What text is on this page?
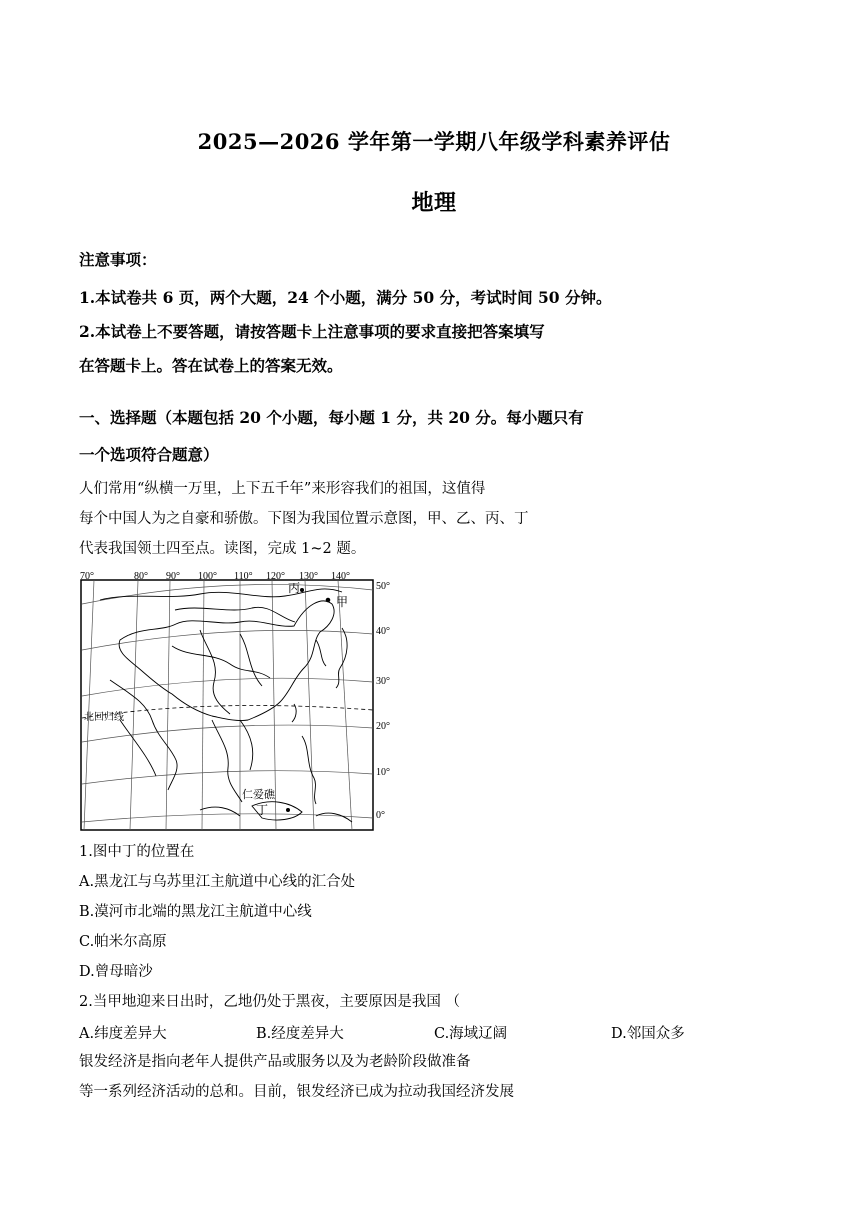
2025—2026 学年第一学期八年级学科素养评估
地理
注意事项：
1.本试卷共 6 页，两个大题，24 个小题，满分 50 分，考试时间 50 分钟。
2.本试卷上不要答题，请按答题卡上注意事项的要求直接把答案填写
在答题卡上。答在试卷上的答案无效。
一、选择题（本题包括 20 个小题，每小题 1 分，共 20 分。每小题只有
一个选项符合题意）
人们常用“纵横一万里，上下五千年”来形容我们的祖国，这值得
每个中国人为之自豪和骄傲。下图为我国位置示意图，甲、乙、丙、丁
代表我国领土四至点。读图，完成 1~2 题。
70°	80° 90° 100° 110° 120° 130° 140°
50°
40°
30°
20°
10°
0°
丙
甲
北回归线
仁爱礁
丁
1.图中丁的位置在
A.黑龙江与乌苏里江主航道中心线的汇合处
B.漠河市北端的黑龙江主航道中心线
C.帕米尔高原
D.曾母暗沙
2.当甲地迎来日出时，乙地仍处于黑夜，主要原因是我国 （
A.纬度差异大	B.经度差异大	C.海域辽阔	D.邻国众多
银发经济是指向老年人提供产品或服务以及为老龄阶段做准备
等一系列经济活动的总和。目前，银发经济已成为拉动我国经济发展
